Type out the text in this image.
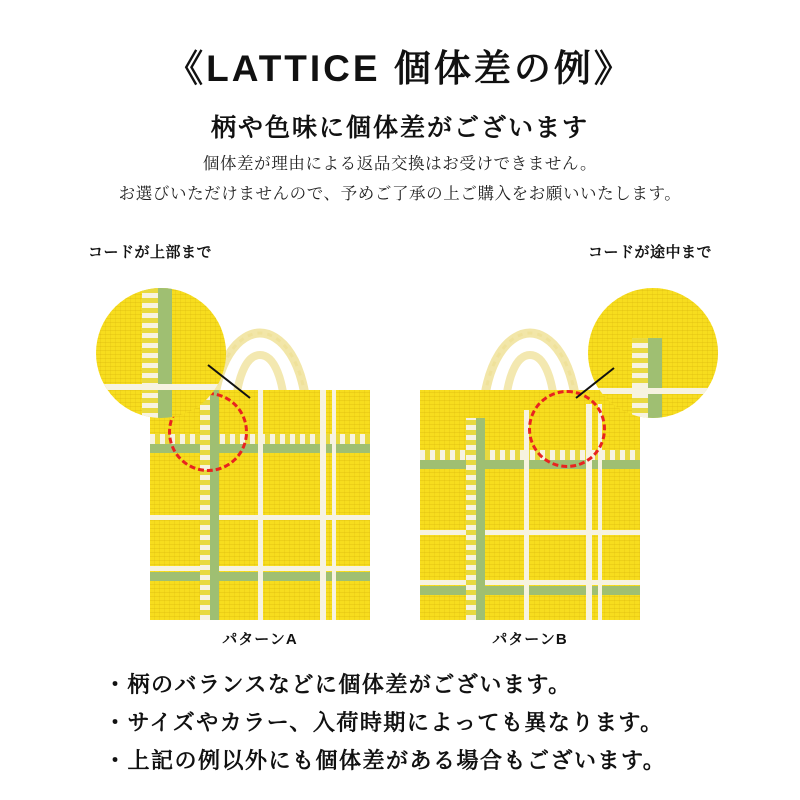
《LATTICE 個体差の例》
柄や色味に個体差がございます
個体差が理由による返品交換はお受けできません。
お選びいただけませんので、予めご了承の上ご購入をお願いいたします。
コードが上部まで	コードが途中まで
パターンA	パターンB
・柄のバランスなどに個体差がございます。
・サイズやカラー、入荷時期によっても異なります。
・上記の例以外にも個体差がある場合もございます。
